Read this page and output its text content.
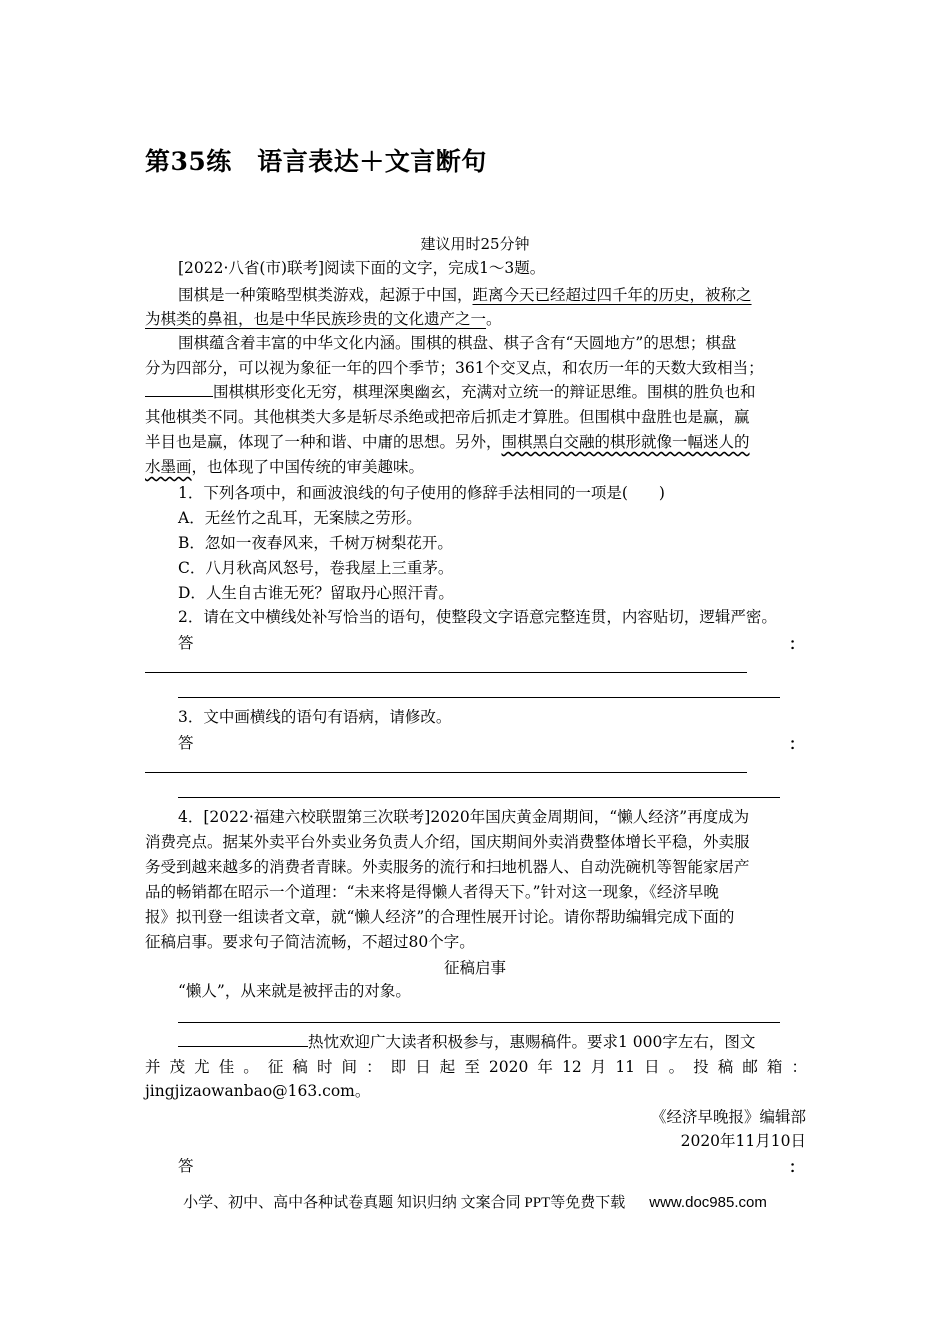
第35练　语言表达＋文言断句
建议用时25分钟
[2022·八省(市)联考]阅读下面的文字，完成1～3题。
围棋是一种策略型棋类游戏，起源于中国，距离今天已经超过四千年的历史，被称之
为棋类的鼻祖，也是中华民族珍贵的文化遗产之一。
围棋蕴含着丰富的中华文化内涵。围棋的棋盘、棋子含有“天圆地方”的思想；棋盘
分为四部分，可以视为象征一年的四个季节；361个交叉点，和农历一年的天数大致相当；
围棋棋形变化无穷，棋理深奥幽玄，充满对立统一的辩证思维。围棋的胜负也和
其他棋类不同。其他棋类大多是斩尽杀绝或把帝后抓走才算胜。但围棋中盘胜也是赢，赢
半目也是赢，体现了一种和谐、中庸的思想。另外，围棋黑白交融的棋形就像一幅迷人的
水墨画，也体现了中国传统的审美趣味。
1．下列各项中，和画波浪线的句子使用的修辞手法相同的一项是(　　)
A．无丝竹之乱耳，无案牍之劳形。
B．忽如一夜春风来，千树万树梨花开。
C．八月秋高风怒号，卷我屋上三重茅。
D．人生自古谁无死？留取丹心照汗青。
2．请在文中横线处补写恰当的语句，使整段文字语意完整连贯，内容贴切，逻辑严密。
答	：
3．文中画横线的语句有语病，请修改。
答	：
4．[2022·福建六校联盟第三次联考]2020年国庆黄金周期间，“懒人经济”再度成为
消费亮点。据某外卖平台外卖业务负责人介绍，国庆期间外卖消费整体增长平稳，外卖服
务受到越来越多的消费者青睐。外卖服务的流行和扫地机器人、自动洗碗机等智能家居产
品的畅销都在昭示一个道理：“未来将是得懒人者得天下。”针对这一现象，《经济早晚
报》拟刊登一组读者文章，就“懒人经济”的合理性展开讨论。请你帮助编辑完成下面的
征稿启事。要求句子简洁流畅，不超过80个字。
征稿启事
“懒人”，从来就是被抨击的对象。
热忱欢迎广大读者积极参与，惠赐稿件。要求1 000字左右，图文
并茂尤佳。征稿时间：即日起至2020年12月11日。投稿邮箱：
jingjizaowanbao@163.com。
《经济早晚报》编辑部
2020年11月10日
答	：
小学、初中、高中各种试卷真题 知识归纳 文案合同 PPT等免费下载 www.doc985.com
